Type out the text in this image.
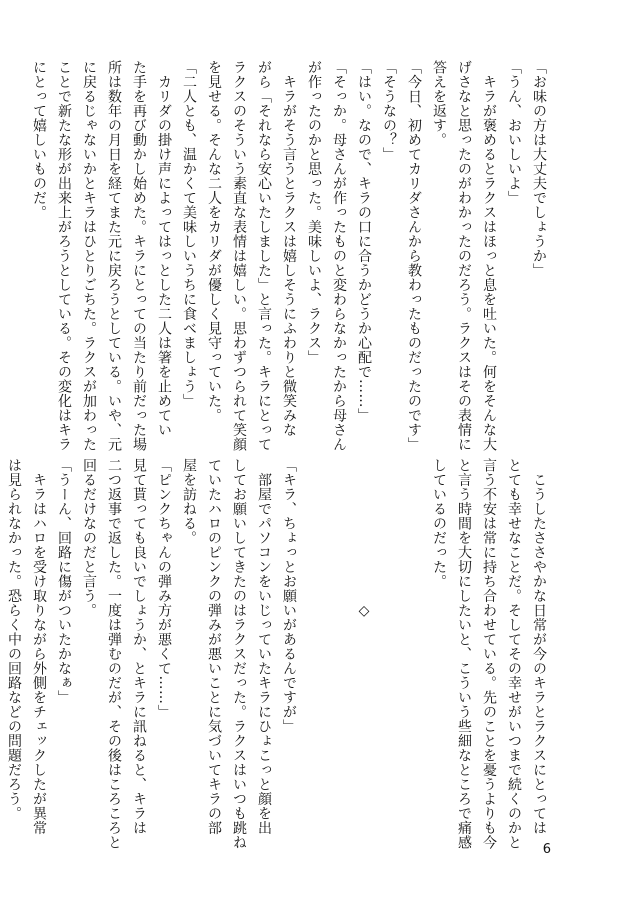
「お味の方は大丈夫でしょうか」
「うん、おいしいよ」
　キラが褒めるとラクスはほっと息を吐いた。何をそんな大
げさなと思ったのがわかったのだろう。ラクスはその表情に
答えを返す。
「今日、初めてカリダさんから教わったものだったのです」
「そうなの？」
「はい。なので、キラの口に合うかどうか心配で……」
「そっか。母さんが作ったものと変わらなかったから母さん
が作ったのかと思った。美味しいよ、ラクス」
　キラがそう言うとラクスは嬉しそうにふわりと微笑みな
がら「それなら安心いたしました」と言った。キラにとって
ラクスのそういう素直な表情は嬉しい。思わずつられて笑顔
を見せる。そんな二人をカリダが優しく見守っていた。
「二人とも、温かくて美味しいうちに食べましょう」
　カリダの掛け声によってはっとした二人は箸を止めてい
た手を再び動かし始めた。キラにとっての当たり前だった場
所は数年の月日を経てまた元に戻ろうとしている。いや、元
に戻るじゃないかとキラはひとりごちた。ラクスが加わった
ことで新たな形が出来上がろうとしている。その変化はキラ
にとって嬉しいものだ。
　こうしたささやかな日常が今のキラとラクスにとっては
とても幸せなことだ。そしてその幸せがいつまで続くのかと
言う不安は常に持ち合わせている。先のことを憂うよりも今
と言う時間を大切にしたいと、こういう些細なところで痛感
しているのだった。

　　　　　　　　　　◇

「キラ、ちょっとお願いがあるんですが」
　部屋でパソコンをいじっていたキラにひょこっと顔を出
してお願いしてきたのはラクスだった。ラクスはいつも跳ね
ていたハロのピンクの弾みが悪いことに気づいてキラの部
屋を訪ねる。
「ピンクちゃんの弾み方が悪くて……」
見て貰っても良いでしょうか、とキラに訊ねると、キラは
二つ返事で返した。一度は弾むのだが、その後はころころと
回るだけなのだと言う。
「うーん、回路に傷がついたかなぁ」
　キラはハロを受け取りながら外側をチェックしたが異常
は見られなかった。恐らく中の回路などの問題だろう。
6
